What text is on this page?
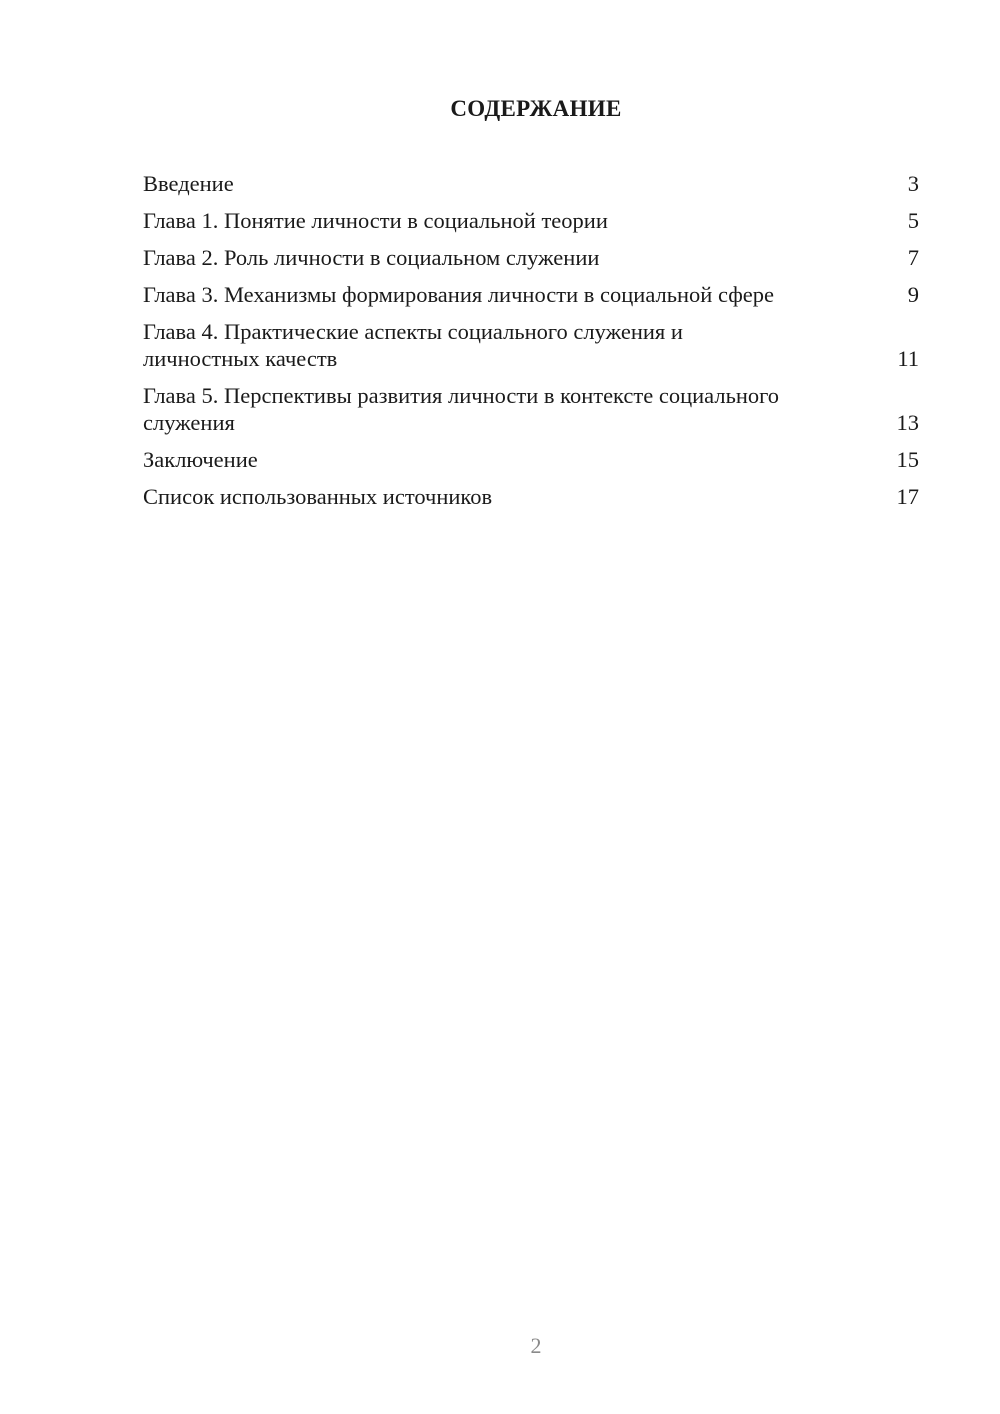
СОДЕРЖАНИЕ
Введение	3
Глава 1. Понятие личности в социальной теории	5
Глава 2. Роль личности в социальном служении	7
Глава 3. Механизмы формирования личности в социальной сфере	9
Глава 4. Практические аспекты социального служения и личностных качеств	11
Глава 5. Перспективы развития личности в контексте социального служения	13
Заключение	15
Список использованных источников	17
2
